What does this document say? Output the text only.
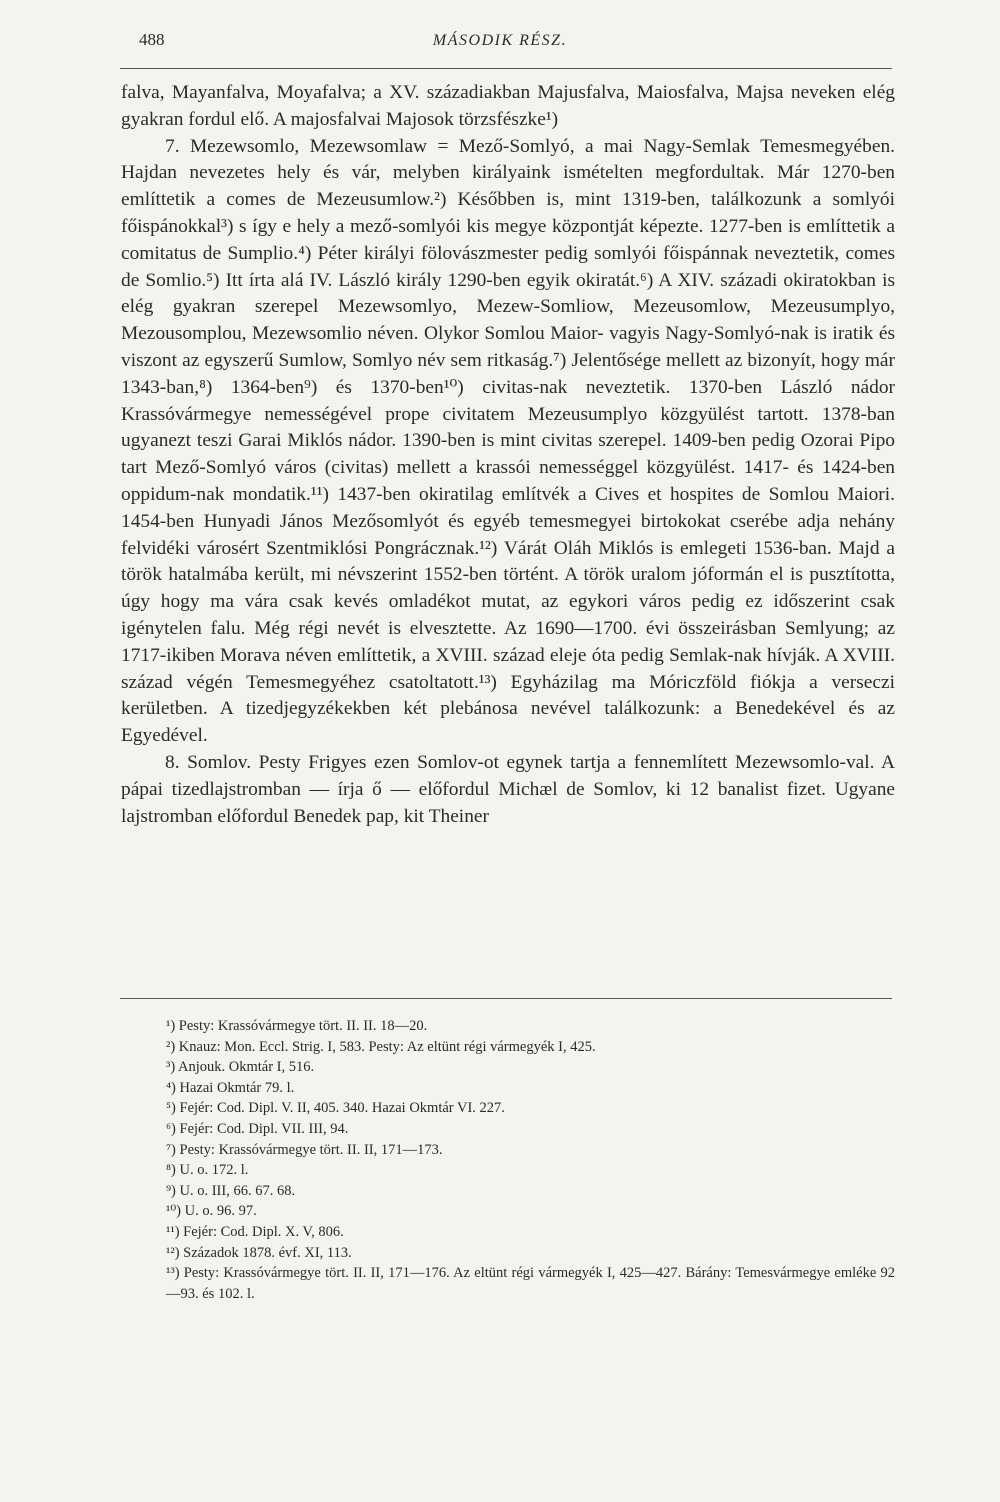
488	MÁSODIK RÉSZ.

falva, Mayanfalva, Moyafalva; a XV. századiakban Majusfalva, Maiosfalva, Majsa neveken elég gyakran fordul elő. A majosfalvai Majosok törzsfészke¹)

7. Mezewsomlo, Mezewsomlaw = Mező-Somlyó, a mai Nagy-Semlak Temesmegyében. Hajdan nevezetes hely és vár, melyben királyaink ismételten megfordultak. Már 1270-ben említtetik a comes de Mezeusumlow.²) Későbben is, mint 1319-ben, találkozunk a somlyói főispánokkal³) s így e hely a mező-somlyói kis megye központját képezte. 1277-ben is említtetik a comitatus de Sumplio.⁴) Péter királyi fölovászmester pedig somlyói főispánnak neveztetik, comes de Somlio.⁵) Itt írta alá IV. László király 1290-ben egyik okiratát.⁶) A XIV. századi okiratokban is elég gyakran szerepel Mezewsomlyo, Mezew-Somliow, Mezeusomlow, Mezeusumplyo, Mezousomplou, Mezewsomlio néven. Olykor Somlou Maior- vagyis Nagy-Somlyó-nak is iratik és viszont az egyszerű Sumlow, Somlyo név sem ritkaság.⁷) Jelentősége mellett az bizonyít, hogy már 1343-ban,⁸) 1364-ben⁹) és 1370-ben¹⁰) civitas-nak neveztetik. 1370-ben László nádor Krassóvármegye nemességével prope civitatem Mezeusumplyo közgyülést tartott. 1378-ban ugyanezt teszi Garai Miklós nádor. 1390-ben is mint civitas szerepel. 1409-ben pedig Ozorai Pipo tart Mező-Somlyó város (civitas) mellett a krassói nemességgel közgyülést. 1417- és 1424-ben oppidum-nak mondatik.¹¹) 1437-ben okiratilag említvék a Cives et hospites de Somlou Maiori. 1454-ben Hunyadi János Mezősomlyót és egyéb temesmegyei birtokokat cserébe adja nehány felvidéki városért Szentmiklósi Pongrácznak.¹²) Várát Oláh Miklós is emlegeti 1536-ban. Majd a török hatalmába került, mi névszerint 1552-ben történt. A török uralom jóformán el is pusztította, úgy hogy ma vára csak kevés omladékot mutat, az egykori város pedig ez időszerint csak igénytelen falu. Még régi nevét is elvesztette. Az 1690—1700. évi összeirásban Semlyung; az 1717-ikiben Morava néven említtetik, a XVIII. század eleje óta pedig Semlak-nak hívják. A XVIII. század végén Temesmegyéhez csatoltatott.¹³) Egyházilag ma Móriczföld fiókja a verseczi kerületben. A tizedjegyzékekben két plebánosa nevével találkozunk: a Benedekével és az Egyedével.

8. Somlov. Pesty Frigyes ezen Somlov-ot egynek tartja a fennemlített Mezewsomlo-val. A pápai tizedlajstromban — írja ő — előfordul Michæl de Somlov, ki 12 banalist fizet. Ugyane lajstromban előfordul Benedek pap, kit Theiner

¹) Pesty: Krassóvármegye tört. II. II. 18—20.

²) Knauz: Mon. Eccl. Strig. I, 583. Pesty: Az eltünt régi vármegyék I, 425.

³) Anjouk. Okmtár I, 516.

⁴) Hazai Okmtár 79. l.

⁵) Fejér: Cod. Dipl. V. II, 405. 340. Hazai Okmtár VI. 227.

⁶) Fejér: Cod. Dipl. VII. III, 94.

⁷) Pesty: Krassóvármegye tört. II. II, 171—173.

⁸) U. o. 172. l.

⁹) U. o. III, 66. 67. 68.

¹⁰) U. o. 96. 97.

¹¹) Fejér: Cod. Dipl. X. V, 806.

¹²) Századok 1878. évf. XI, 113.

¹³) Pesty: Krassóvármegye tört. II. II, 171—176. Az eltünt régi vármegyék I, 425—427. Bárány: Temesvármegye emléke 92—93. és 102. l.
